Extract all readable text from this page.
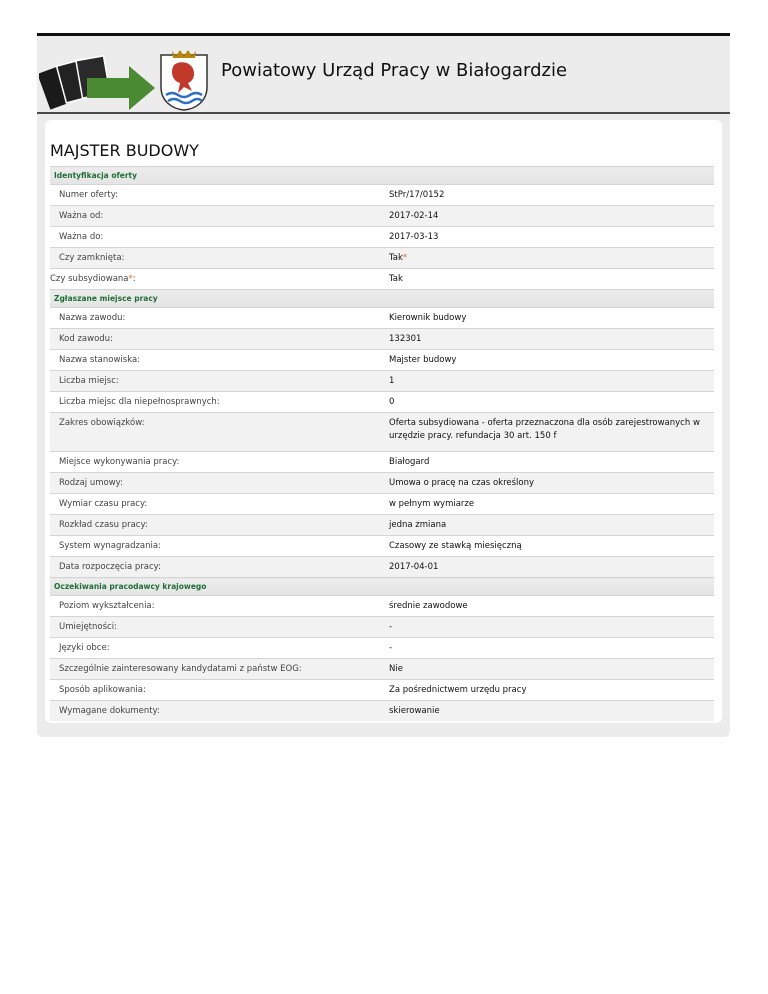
Powiatowy Urząd Pracy w Białogardzie
MAJSTER BUDOWY
Identyfikacja oferty	
Numer oferty:	StPr/17/0152
Ważna od:	2017-02-14
Ważna do:	2017-03-13
Czy zamknięta:	Tak*
Czy subsydiowana*:	Tak
Zgłaszane miejsce pracy	
Nazwa zawodu:	Kierownik budowy
Kod zawodu:	132301
Nazwa stanowiska:	Majster budowy
Liczba miejsc:	1
Liczba miejsc dla niepełnosprawnych:	0
Zakres obowiązków:	Oferta subsydiowana - oferta przeznaczona dla osób zarejestrowanych w urzędzie pracy. refundacja 30 art. 150 f
Miejsce wykonywania pracy:	Białogard
Rodzaj umowy:	Umowa o pracę na czas określony
Wymiar czasu pracy:	w pełnym wymiarze
Rozkład czasu pracy:	jedna zmiana
System wynagradzania:	Czasowy ze stawką miesięczną
Data rozpoczęcia pracy:	2017-04-01
Oczekiwania pracodawcy krajowego	
Poziom wykształcenia:	średnie zawodowe
Umiejętności:	-
Języki obce:	-
Szczególnie zainteresowany kandydatami z państw EOG:	Nie
Sposób aplikowania:	Za pośrednictwem urzędu pracy
Wymagane dokumenty:	skierowanie
